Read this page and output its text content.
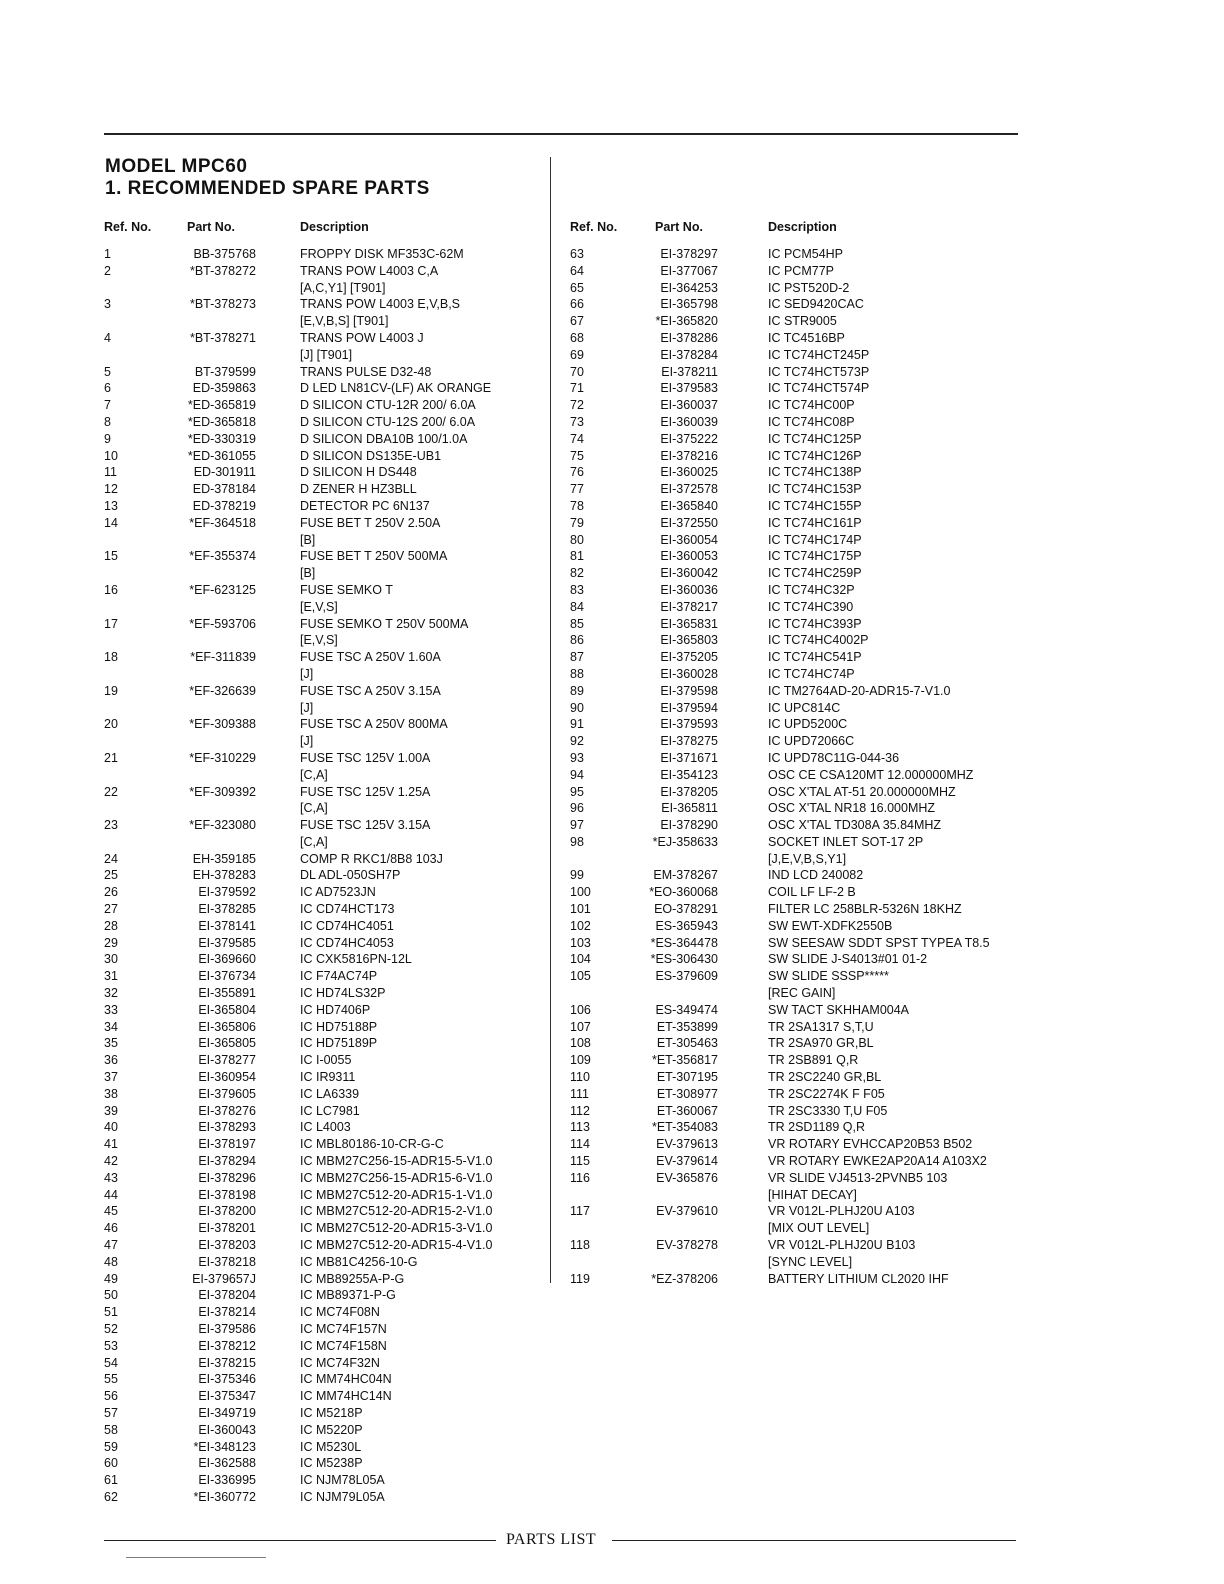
MODEL MPC60
1. RECOMMENDED SPARE PARTS
Ref. No.	Part No.	Description	Ref. No.	Part No.	Description
1	BB-375768	FROPPY DISK MF353C-62M
2	*BT-378272	TRANS POW L4003 C,A
[A,C,Y1] [T901]
3	*BT-378273	TRANS POW L4003 E,V,B,S
[E,V,B,S] [T901]
4	*BT-378271	TRANS POW L4003 J
[J] [T901]
5	BT-379599	TRANS PULSE D32-48
6	ED-359863	D LED LN81CV-(LF) AK ORANGE
7	*ED-365819	D SILICON CTU-12R 200/ 6.0A
8	*ED-365818	D SILICON CTU-12S 200/ 6.0A
9	*ED-330319	D SILICON DBA10B 100/1.0A
10	*ED-361055	D SILICON DS135E-UB1
11	ED-301911	D SILICON H DS448
12	ED-378184	D ZENER H HZ3BLL
13	ED-378219	DETECTOR PC 6N137
14	*EF-364518	FUSE BET T 250V 2.50A
[B]
15	*EF-355374	FUSE BET T 250V 500MA
[B]
16	*EF-623125	FUSE SEMKO T
[E,V,S]
17	*EF-593706	FUSE SEMKO T 250V 500MA
[E,V,S]
18	*EF-311839	FUSE TSC A 250V 1.60A
[J]
19	*EF-326639	FUSE TSC A 250V 3.15A
[J]
20	*EF-309388	FUSE TSC A 250V 800MA
[J]
21	*EF-310229	FUSE TSC 125V 1.00A
[C,A]
22	*EF-309392	FUSE TSC 125V 1.25A
[C,A]
23	*EF-323080	FUSE TSC 125V 3.15A
[C,A]
24	EH-359185	COMP R RKC1/8B8 103J
25	EH-378283	DL ADL-050SH7P
26	EI-379592	IC AD7523JN
27	EI-378285	IC CD74HCT173
28	EI-378141	IC CD74HC4051
29	EI-379585	IC CD74HC4053
30	EI-369660	IC CXK5816PN-12L
31	EI-376734	IC F74AC74P
32	EI-355891	IC HD74LS32P
33	EI-365804	IC HD7406P
34	EI-365806	IC HD75188P
35	EI-365805	IC HD75189P
36	EI-378277	IC I-0055
37	EI-360954	IC IR9311
38	EI-379605	IC LA6339
39	EI-378276	IC LC7981
40	EI-378293	IC L4003
41	EI-378197	IC MBL80186-10-CR-G-C
42	EI-378294	IC MBM27C256-15-ADR15-5-V1.0
43	EI-378296	IC MBM27C256-15-ADR15-6-V1.0
44	EI-378198	IC MBM27C512-20-ADR15-1-V1.0
45	EI-378200	IC MBM27C512-20-ADR15-2-V1.0
46	EI-378201	IC MBM27C512-20-ADR15-3-V1.0
47	EI-378203	IC MBM27C512-20-ADR15-4-V1.0
48	EI-378218	IC MB81C4256-10-G
49	EI-379657J	IC MB89255A-P-G
50	EI-378204	IC MB89371-P-G
51	EI-378214	IC MC74F08N
52	EI-379586	IC MC74F157N
53	EI-378212	IC MC74F158N
54	EI-378215	IC MC74F32N
55	EI-375346	IC MM74HC04N
56	EI-375347	IC MM74HC14N
57	EI-349719	IC M5218P
58	EI-360043	IC M5220P
59	*EI-348123	IC M5230L
60	EI-362588	IC M5238P
61	EI-336995	IC NJM78L05A
62	*EI-360772	IC NJM79L05A
63	EI-378297	IC PCM54HP
64	EI-377067	IC PCM77P
65	EI-364253	IC PST520D-2
66	EI-365798	IC SED9420CAC
67	*EI-365820	IC STR9005
68	EI-378286	IC TC4516BP
69	EI-378284	IC TC74HCT245P
70	EI-378211	IC TC74HCT573P
71	EI-379583	IC TC74HCT574P
72	EI-360037	IC TC74HC00P
73	EI-360039	IC TC74HC08P
74	EI-375222	IC TC74HC125P
75	EI-378216	IC TC74HC126P
76	EI-360025	IC TC74HC138P
77	EI-372578	IC TC74HC153P
78	EI-365840	IC TC74HC155P
79	EI-372550	IC TC74HC161P
80	EI-360054	IC TC74HC174P
81	EI-360053	IC TC74HC175P
82	EI-360042	IC TC74HC259P
83	EI-360036	IC TC74HC32P
84	EI-378217	IC TC74HC390
85	EI-365831	IC TC74HC393P
86	EI-365803	IC TC74HC4002P
87	EI-375205	IC TC74HC541P
88	EI-360028	IC TC74HC74P
89	EI-379598	IC TM2764AD-20-ADR15-7-V1.0
90	EI-379594	IC UPC814C
91	EI-379593	IC UPD5200C
92	EI-378275	IC UPD72066C
93	EI-371671	IC UPD78C11G-044-36
94	EI-354123	OSC CE CSA120MT 12.000000MHZ
95	EI-378205	OSC X'TAL AT-51 20.000000MHZ
96	EI-365811	OSC X'TAL NR18 16.000MHZ
97	EI-378290	OSC X'TAL TD308A 35.84MHZ
98	*EJ-358633	SOCKET INLET SOT-17 2P
[J,E,V,B,S,Y1]
99	EM-378267	IND LCD 240082
100	*EO-360068	COIL LF LF-2 B
101	EO-378291	FILTER LC 258BLR-5326N 18KHZ
102	ES-365943	SW EWT-XDFK2550B
103	*ES-364478	SW SEESAW SDDT SPST TYPEA T8.5
104	*ES-306430	SW SLIDE J-S4013#01 01-2
105	ES-379609	SW SLIDE SSSP*****
[REC GAIN]
106	ES-349474	SW TACT SKHHAM004A
107	ET-353899	TR 2SA1317 S,T,U
108	ET-305463	TR 2SA970 GR,BL
109	*ET-356817	TR 2SB891 Q,R
110	ET-307195	TR 2SC2240 GR,BL
111	ET-308977	TR 2SC2274K F F05
112	ET-360067	TR 2SC3330 T,U F05
113	*ET-354083	TR 2SD1189 Q,R
114	EV-379613	VR ROTARY EVHCCAP20B53 B502
115	EV-379614	VR ROTARY EWKE2AP20A14 A103X2
116	EV-365876	VR SLIDE VJ4513-2PVNB5 103
[HIHAT DECAY]
117	EV-379610	VR V012L-PLHJ20U A103
[MIX OUT LEVEL]
118	EV-378278	VR V012L-PLHJ20U B103
[SYNC LEVEL]
119	*EZ-378206	BATTERY LITHIUM CL2020 IHF
PARTS LIST
